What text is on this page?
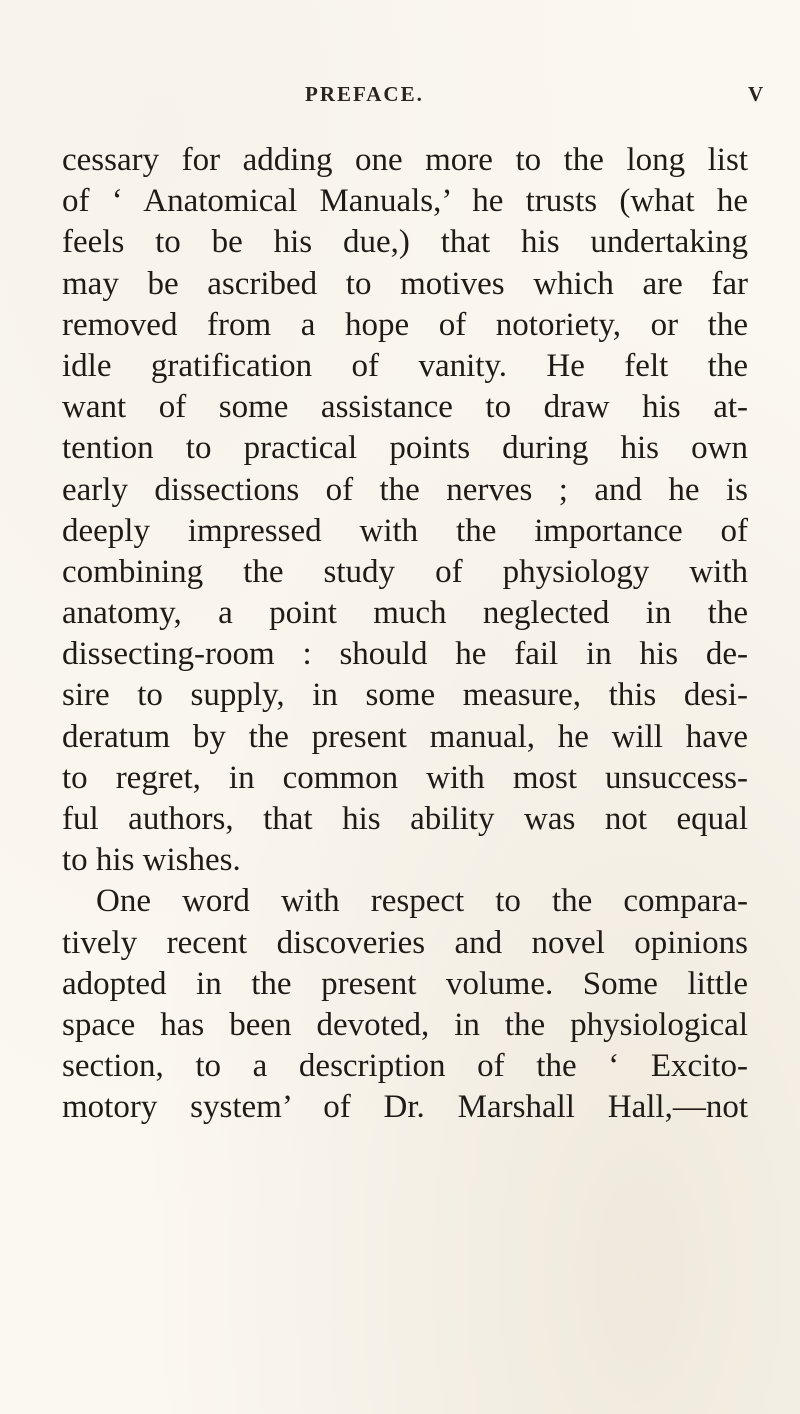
PREFACE.	V
cessary for adding one more to the long list
of ‘ Anatomical Manuals,’ he trusts (what he
feels to be his due,) that his undertaking
may be ascribed to motives which are far
removed from a hope of notoriety, or the
idle gratification of vanity. He felt the
want of some assistance to draw his at-
tention to practical points during his own
early dissections of the nerves ; and he is
deeply impressed with the importance of
combining the study of physiology with
anatomy, a point much neglected in the
dissecting-room : should he fail in his de-
sire to supply, in some measure, this desi-
deratum by the present manual, he will have
to regret, in common with most unsuccess-
ful authors, that his ability was not equal
to his wishes.
One word with respect to the compara-
tively recent discoveries and novel opinions
adopted in the present volume. Some little
space has been devoted, in the physiological
section, to a description of the ‘ Excito-
motory system’ of Dr. Marshall Hall,—not
